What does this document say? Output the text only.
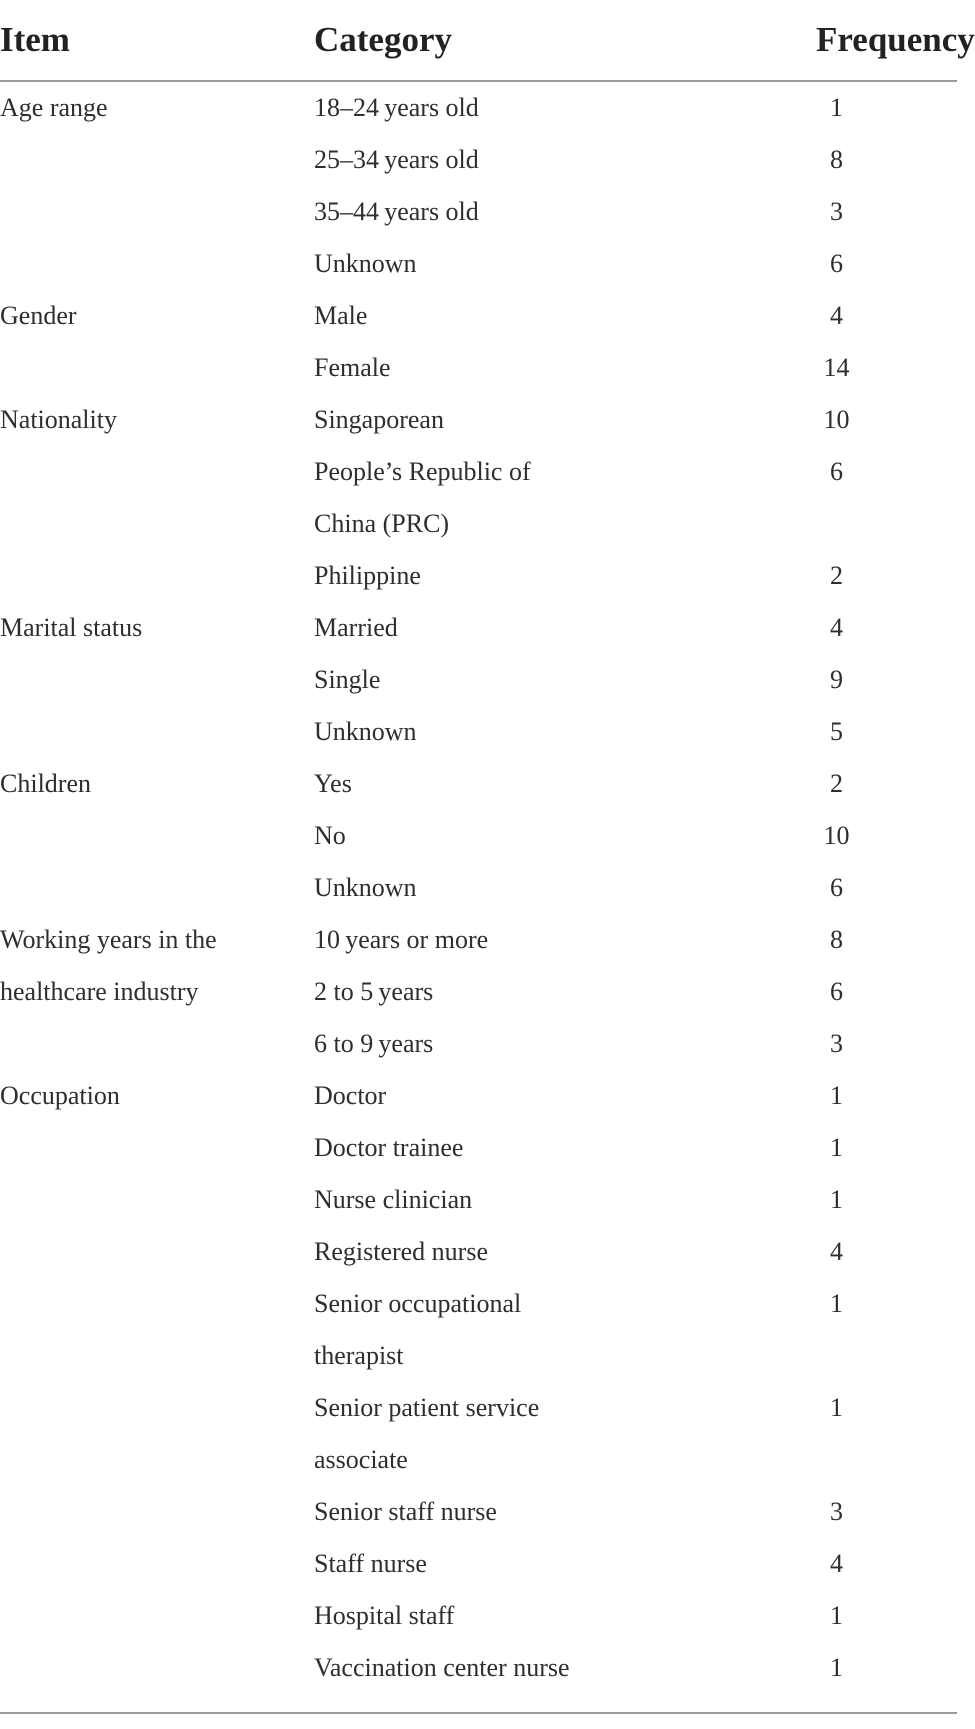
Item	Category	Frequency
Age range	18–24 years old	1
	25–34 years old	8
	35–44 years old	3
	Unknown	6
Gender	Male	4
	Female	14
Nationality	Singaporean	10
	People’s Republic of China (PRC)	6
	Philippine	2
Marital status	Married	4
	Single	9
	Unknown	5
Children	Yes	2
	No	10
	Unknown	6
Working years in the healthcare industry	10 years or more	8
	2 to 5 years	6
	6 to 9 years	3
Occupation	Doctor	1
	Doctor trainee	1
	Nurse clinician	1
	Registered nurse	4
	Senior occupational therapist	1
	Senior patient service associate	1
	Senior staff nurse	3
	Staff nurse	4
	Hospital staff	1
	Vaccination center nurse	1
